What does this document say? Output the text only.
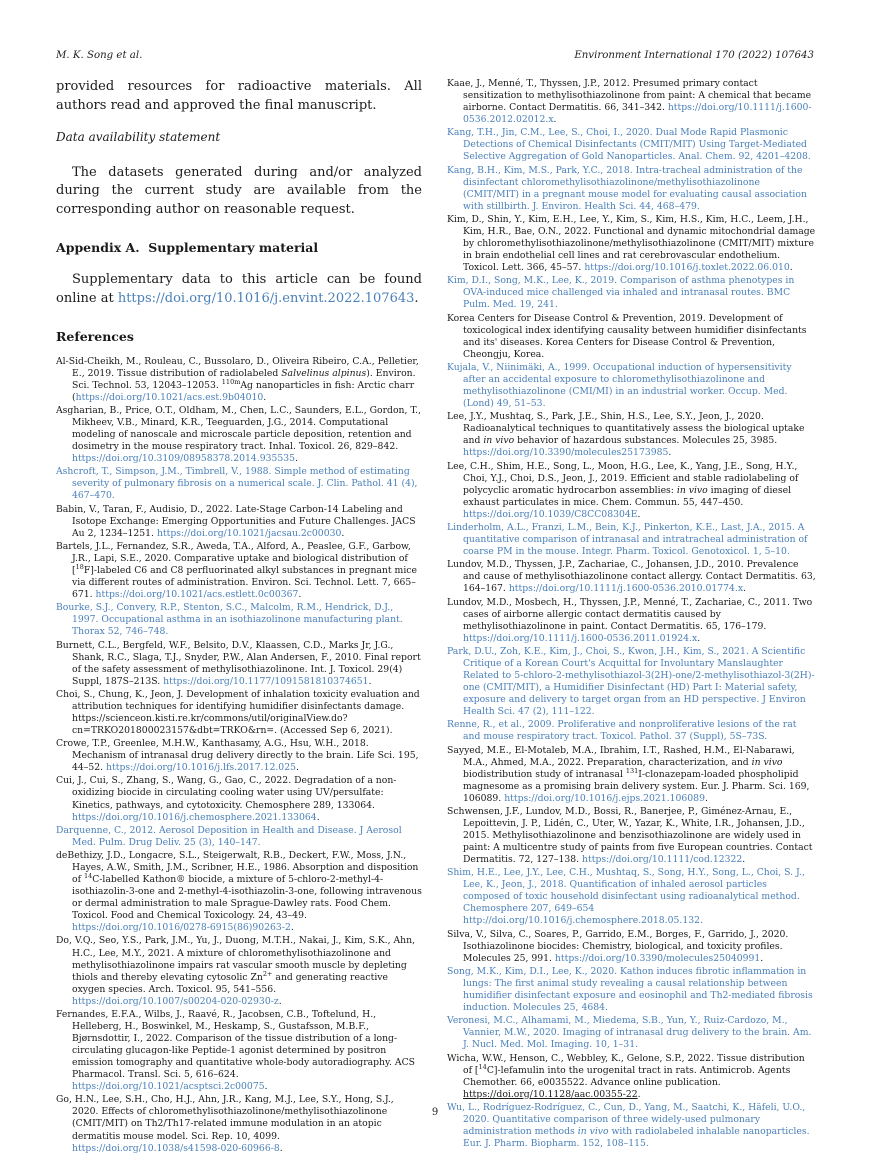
M. K. Song et al.	Environment International 170 (2022) 107643

provided resources for radioactive materials. All authors read and approved the final manuscript.

Data availability statement

The datasets generated during and/or analyzed during the current study are available from the corresponding author on reasonable request.

Appendix A.  Supplementary material

Supplementary data to this article can be found online at https://doi.org/10.1016/j.envint.2022.107643.

References

Al-Sid-Cheikh, M., Rouleau, C., Bussolaro, D., Oliveira Ribeiro, C.A., Pelletier, E., 2019. Tissue distribution of radiolabeled Salvelinus alpinus). Environ. Sci. Technol. 53, 12043–12053. $^{110m}$Ag nanoparticles in fish: Arctic charr (https://doi.org/10.1021/acs.est.9b04010.

Asgharian, B., Price, O.T., Oldham, M., Chen, L.C., Saunders, E.L., Gordon, T., Mikheev, V.B., Minard, K.R., Teeguarden, J.G., 2014. Computational modeling of nanoscale and microscale particle deposition, retention and dosimetry in the mouse respiratory tract. Inhal. Toxicol. 26, 829–842. https://doi.org/10.3109/08958378.2014.935535.

Ashcroft, T., Simpson, J.M., Timbrell, V., 1988. Simple method of estimating severity of pulmonary fibrosis on a numerical scale. J. Clin. Pathol. 41 (4), 467–470.

Babin, V., Taran, F., Audisio, D., 2022. Late-Stage Carbon-14 Labeling and Isotope Exchange: Emerging Opportunities and Future Challenges. JACS Au 2, 1234–1251. https://doi.org/10.1021/jacsau.2c00030.

Bartels, J.L., Fernandez, S.R., Aweda, T.A., Alford, A., Peaslee, G.F., Garbow, J.R., Lapi, S.E., 2020. Comparative uptake and biological distribution of [$^{18}$F]-labeled C6 and C8 perfluorinated alkyl substances in pregnant mice via different routes of administration. Environ. Sci. Technol. Lett. 7, 665–671. https://doi.org/10.1021/acs.estlett.0c00367.

Bourke, S.J., Convery, R.P., Stenton, S.C., Malcolm, R.M., Hendrick, D.J., 1997. Occupational asthma in an isothiazolinone manufacturing plant. Thorax 52, 746–748.

Burnett, C.L., Bergfeld, W.F., Belsito, D.V., Klaassen, C.D., Marks Jr, J.G., Shank, R.C., Slaga, T.J., Snyder, P.W., Alan Andersen, F., 2010. Final report of the safety assessment of methylisothiazolinone. Int. J. Toxicol. 29(4) Suppl, 187S–213S. https://doi.org/10.1177/1091581810374651.

Choi, S., Chung, K., Jeon, J. Development of inhalation toxicity evaluation and attribution techniques for identifying humidifier disinfectants damage. https://scienceon.kisti.re.kr/commons/util/originalView.do?cn=TRKO201800023157&dbt=TRKO&rn=. (Accessed Sep 6, 2021).

Crowe, T.P., Greenlee, M.H.W., Kanthasamy, A.G., Hsu, W.H., 2018. Mechanism of intranasal drug delivery directly to the brain. Life Sci. 195, 44–52. https://doi.org/10.1016/j.lfs.2017.12.025.

Cui, J., Cui, S., Zhang, S., Wang, G., Gao, C., 2022. Degradation of a non-oxidizing biocide in circulating cooling water using UV/persulfate: Kinetics, pathways, and cytotoxicity. Chemosphere 289, 133064. https://doi.org/10.1016/j.chemosphere.2021.133064.

Darquenne, C., 2012. Aerosol Deposition in Health and Disease. J Aerosol Med. Pulm. Drug Deliv. 25 (3), 140–147.

deBethizy, J.D., Longacre, S.L., Steigerwalt, R.B., Deckert, F.W., Moss, J.N., Hayes, A.W., Smith, J.M., Scribner, H.E., 1986. Absorption and disposition of $^{14}$C-labelled Kathon® biocide, a mixture of 5-chloro-2-methyl-4-isothiazolin-3-one and 2-methyl-4-isothiazolin-3-one, following intravenous or dermal administration to male Sprague-Dawley rats. Food Chem. Toxicol. Food and Chemical Toxicology. 24, 43–49. https://doi.org/10.1016/0278-6915(86)90263-2.

Do, V.Q., Seo, Y.S., Park, J.M., Yu, J., Duong, M.T.H., Nakai, J., Kim, S.K., Ahn, H.C., Lee, M.Y., 2021. A mixture of chloromethylisothiazolinone and methylisothiazolinone impairs rat vascular smooth muscle by depleting thiols and thereby elevating cytosolic $Zn^{2+}$ and generating reactive oxygen species. Arch. Toxicol. 95, 541–556. https://doi.org/10.1007/s00204-020-02930-z.

Fernandes, E.F.A., Wilbs, J., Raavé, R., Jacobsen, C.B., Toftelund, H., Helleberg, H., Boswinkel, M., Heskamp, S., Gustafsson, M.B.F., Bjørnsdottir, I., 2022. Comparison of the tissue distribution of a long-circulating glucagon-like Peptide-1 agonist determined by positron emission tomography and quantitative whole-body autoradiography. ACS Pharmacol. Transl. Sci. 5, 616–624. https://doi.org/10.1021/acsptsci.2c00075.

Go, H.N., Lee, S.H., Cho, H.J., Ahn, J.R., Kang, M.J., Lee, S.Y., Hong, S.J., 2020. Effects of chloromethylisothiazolinone/methylisothiazolinone (CMIT/MIT) on Th2/Th17-related immune modulation in an atopic dermatitis mouse model. Sci. Rep. 10, 4099. https://doi.org/10.1038/s41598-020-60966-8.

Kaae, J., Menné, T., Thyssen, J.P., 2012. Presumed primary contact sensitization to methylisothiazolinone from paint: A chemical that became airborne. Contact Dermatitis. 66, 341–342. https://doi.org/10.1111/j.1600-0536.2012.02012.x.

Kang, T.H., Jin, C.M., Lee, S., Choi, I., 2020. Dual Mode Rapid Plasmonic Detections of Chemical Disinfectants (CMIT/MIT) Using Target-Mediated Selective Aggregation of Gold Nanoparticles. Anal. Chem. 92, 4201–4208.

Kang, B.H., Kim, M.S., Park, Y.C., 2018. Intra-tracheal administration of the disinfectant chloromethylisothiazolinone/methylisothiazolinone (CMIT/MIT) in a pregnant mouse model for evaluating causal association with stillbirth. J. Environ. Health Sci. 44, 468–479.

Kim, D., Shin, Y., Kim, E.H., Lee, Y., Kim, S., Kim, H.S., Kim, H.C., Leem, J.H., Kim, H.R., Bae, O.N., 2022. Functional and dynamic mitochondrial damage by chloromethylisothiazolinone/methylisothiazolinone (CMIT/MIT) mixture in brain endothelial cell lines and rat cerebrovascular endothelium. Toxicol. Lett. 366, 45–57. https://doi.org/10.1016/j.toxlet.2022.06.010.

Kim, D.I., Song, M.K., Lee, K., 2019. Comparison of asthma phenotypes in OVA-induced mice challenged via inhaled and intranasal routes. BMC Pulm. Med. 19, 241.

Korea Centers for Disease Control & Prevention, 2019. Development of toxicological index identifying causality between humidifier disinfectants and its' diseases. Korea Centers for Disease Control & Prevention, Cheongju, Korea.

Kujala, V., Niinimäki, A., 1999. Occupational induction of hypersensitivity after an accidental exposure to chloromethylisothiazolinone and methylisothiazolinone (CMI/MI) in an industrial worker. Occup. Med. (Lond) 49, 51–53.

Lee, J.Y., Mushtaq, S., Park, J.E., Shin, H.S., Lee, S.Y., Jeon, J., 2020. Radioanalytical techniques to quantitatively assess the biological uptake and in vivo behavior of hazardous substances. Molecules 25, 3985. https://doi.org/10.3390/molecules25173985.

Lee, C.H., Shim, H.E., Song, L., Moon, H.G., Lee, K., Yang, J.E., Song, H.Y., Choi, Y.J., Choi, D.S., Jeon, J., 2019. Efficient and stable radiolabeling of polycyclic aromatic hydrocarbon assemblies: in vivo imaging of diesel exhaust particulates in mice. Chem. Commun. 55, 447–450. https://doi.org/10.1039/C8CC08304E.

Linderholm, A.L., Franzi, L.M., Bein, K.J., Pinkerton, K.E., Last, J.A., 2015. A quantitative comparison of intranasal and intratracheal administration of coarse PM in the mouse. Integr. Pharm. Toxicol. Genotoxicol. 1, 5–10.

Lundov, M.D., Thyssen, J.P., Zachariae, C., Johansen, J.D., 2010. Prevalence and cause of methylisothiazolinone contact allergy. Contact Dermatitis. 63, 164–167. https://doi.org/10.1111/j.1600-0536.2010.01774.x.

Lundov, M.D., Mosbech, H., Thyssen, J.P., Menné, T., Zachariae, C., 2011. Two cases of airborne allergic contact dermatitis caused by methylisothiazolinone in paint. Contact Dermatitis. 65, 176–179. https://doi.org/10.1111/j.1600-0536.2011.01924.x.

Park, D.U., Zoh, K.E., Kim, J., Choi, S., Kwon, J.H., Kim, S., 2021. A Scientific Critique of a Korean Court's Acquittal for Involuntary Manslaughter Related to 5-chloro-2-methylisothiazol-3(2H)-one/2-methylisothiazol-3(2H)-one (CMIT/MIT), a Humidifier Disinfectant (HD) Part I: Material safety, exposure and delivery to target organ from an HD perspective. J Environ Health Sci. 47 (2), 111–122.

Renne, R., et al., 2009. Proliferative and nonproliferative lesions of the rat and mouse respiratory tract. Toxicol. Pathol. 37 (Suppl), 5S–73S.

Sayyed, M.E., El-Motaleb, M.A., Ibrahim, I.T., Rashed, H.M., El-Nabarawi, M.A., Ahmed, M.A., 2022. Preparation, characterization, and in vivo biodistribution study of intranasal $^{131}$I-clonazepam-loaded phospholipid magnesome as a promising brain delivery system. Eur. J. Pharm. Sci. 169, 106089. https://doi.org/10.1016/j.ejps.2021.106089.

Schwensen, J.F., Lundov, M.D., Bossi, R., Banerjee, P., Giménez-Arnau, E., Lepoittevin, J. P., Lidén, C., Uter, W., Yazar, K., White, I.R., Johansen, J.D., 2015. Methylisothiazolinone and benzisothiazolinone are widely used in paint: A multicentre study of paints from five European countries. Contact Dermatitis. 72, 127–138. https://doi.org/10.1111/cod.12322.

Shim, H.E., Lee, J.Y., Lee, C.H., Mushtaq, S., Song, H.Y., Song, L., Choi, S. J., Lee, K., Jeon, J., 2018. Quantification of inhaled aerosol particles composed of toxic household disinfectant using radioanalytical method. Chemosphere 207, 649–654 http://doi.org/10.1016/j.chemosphere.2018.05.132.

Silva, V., Silva, C., Soares, P., Garrido, E.M., Borges, F., Garrido, J., 2020. Isothiazolinone biocides: Chemistry, biological, and toxicity profiles. Molecules 25, 991. https://doi.org/10.3390/molecules25040991.

Song, M.K., Kim, D.I., Lee, K., 2020. Kathon induces fibrotic inflammation in lungs: The first animal study revealing a causal relationship between humidifier disinfectant exposure and eosinophil and Th2-mediated fibrosis induction. Molecules 25, 4684.

Veronesi, M.C., Alhamami, M., Miedema, S.B., Yun, Y., Ruiz-Cardozo, M., Vannier, M.W., 2020. Imaging of intranasal drug delivery to the brain. Am. J. Nucl. Med. Mol. Imaging. 10, 1–31.

Wicha, W.W., Henson, C., Webbley, K., Gelone, S.P., 2022. Tissue distribution of [$^{14}$C]-lefamulin into the urogenital tract in rats. Antimicrob. Agents Chemother. 66, e0035522. Advance online publication. https://doi.org/10.1128/aac.00355-22.

Wu, L., Rodríguez-Rodríguez, C., Cun, D., Yang, M., Saatchi, K., Häfeli, U.O., 2020. Quantitative comparison of three widely-used pulmonary administration methods in vivo with radiolabeled inhalable nanoparticles. Eur. J. Pharm. Biopharm. 152, 108–115.

9
